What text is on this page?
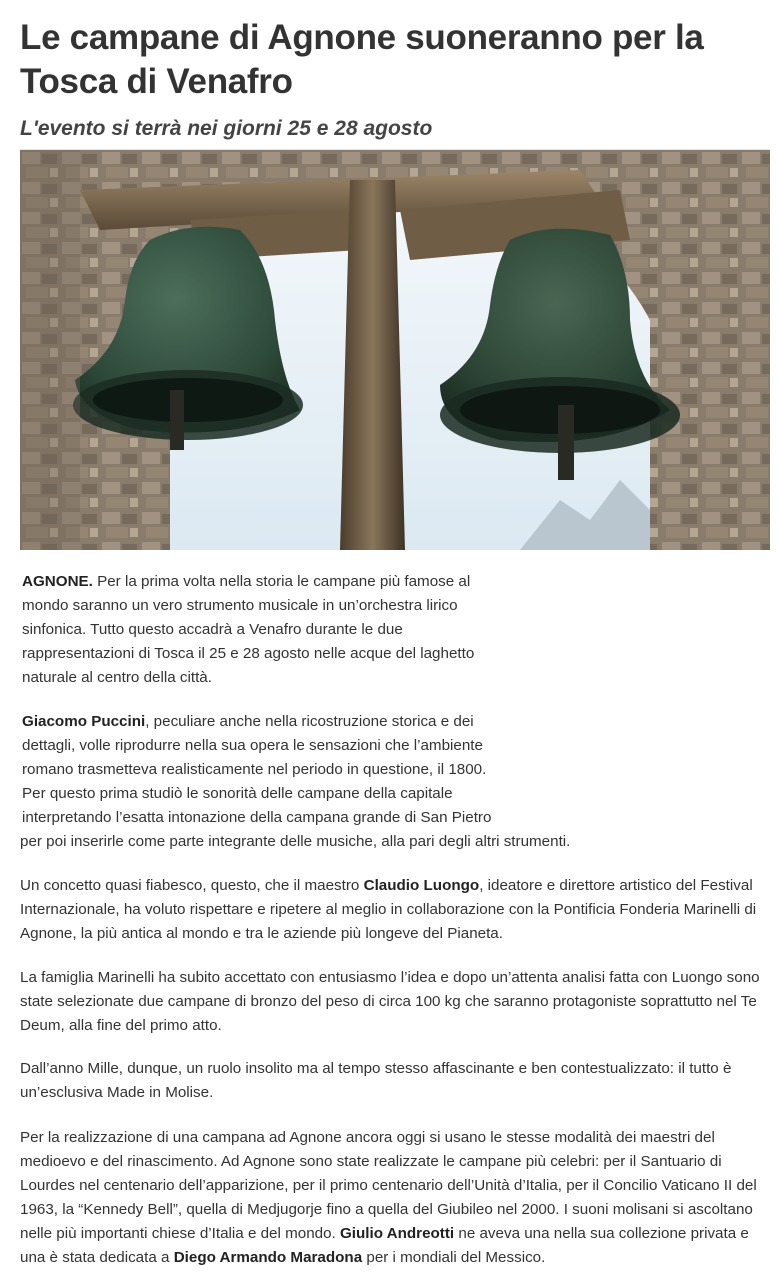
Le campane di Agnone suoneranno per la Tosca di Venafro
L'evento si terrà nei giorni 25 e 28 agosto

AGNONE. Per la prima volta nella storia le campane più famose al mondo saranno un vero strumento musicale in un’orchestra lirico sinfonica. Tutto questo accadrà a Venafro durante le due rappresentazioni di Tosca il 25 e 28 agosto nelle acque del laghetto naturale al centro della città.

Giacomo Puccini, peculiare anche nella ricostruzione storica e dei dettagli, volle riprodurre nella sua opera le sensazioni che l’ambiente romano trasmetteva realisticamente nel periodo in questione, il 1800. Per questo prima studiò le sonorità delle campane della capitale interpretando l’esatta intonazione della campana grande di San Pietro
per poi inserirle come parte integrante delle musiche, alla pari degli altri strumenti.

Un concetto quasi fiabesco, questo, che il maestro Claudio Luongo, ideatore e direttore artistico del Festival Internazionale, ha voluto rispettare e ripetere al meglio in collaborazione con la Pontificia Fonderia Marinelli di Agnone, la più antica al mondo e tra le aziende più longeve del Pianeta.

La famiglia Marinelli ha subito accettato con entusiasmo l’idea e dopo un’attenta analisi fatta con Luongo sono state selezionate due campane di bronzo del peso di circa 100 kg che saranno protagoniste soprattutto nel Te Deum, alla fine del primo atto.

Dall’anno Mille, dunque, un ruolo insolito ma al tempo stesso affascinante e ben contestualizzato: il tutto è un’esclusiva Made in Molise.

Per la realizzazione di una campana ad Agnone ancora oggi si usano le stesse modalità dei maestri del medioevo e del rinascimento. Ad Agnone sono state realizzate le campane più celebri: per il Santuario di Lourdes nel centenario dell’apparizione, per il primo centenario dell’Unità d’Italia, per il Concilio Vaticano II del 1963, la “Kennedy Bell”, quella di Medjugorje fino a quella del Giubileo nel 2000. I suoni molisani si ascoltano nelle più importanti chiese d’Italia e del mondo. Giulio Andreotti ne aveva una nella sua collezione privata e una è stata dedicata a Diego Armando Maradona per i mondiali del Messico.
